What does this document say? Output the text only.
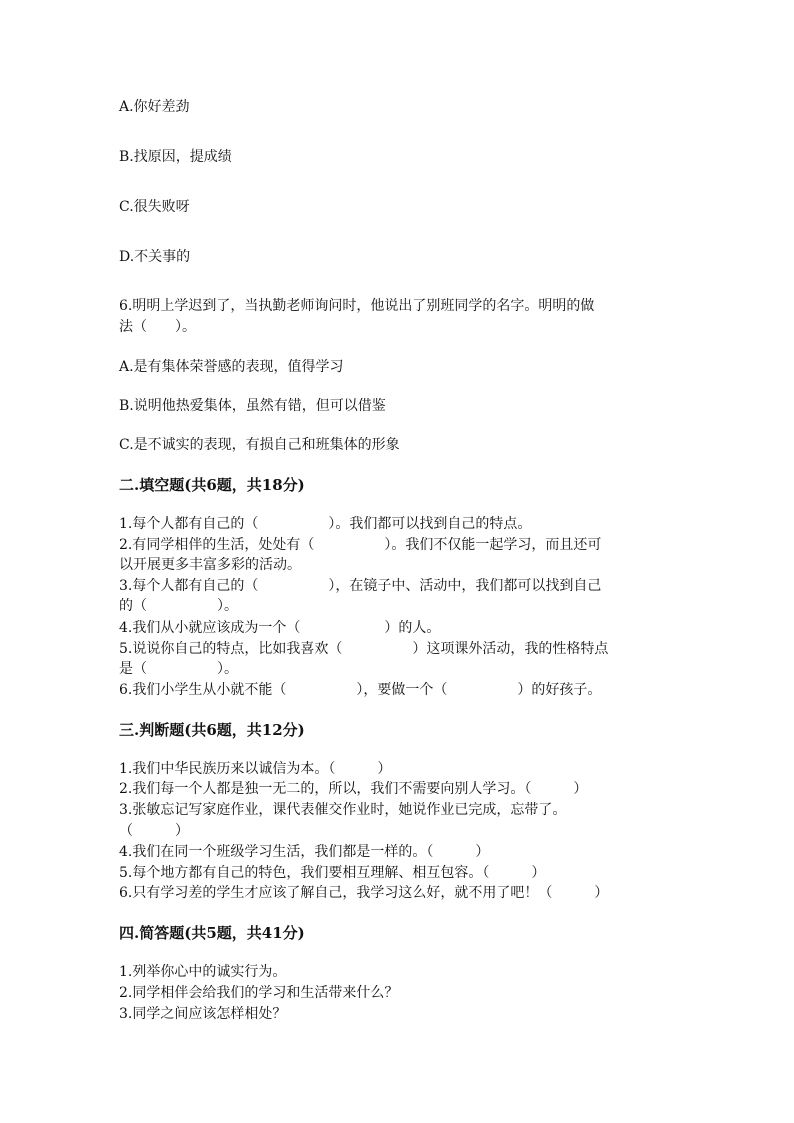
A.你好差劲
B.找原因，提成绩
C.很失败呀
D.不关事的
6.明明上学迟到了，当执勤老师询问时，他说出了别班同学的名字。明明的做
法（　　）。
A.是有集体荣誉感的表现，值得学习
B.说明他热爱集体，虽然有错，但可以借鉴
C.是不诚实的表现，有损自己和班集体的形象
二.填空题(共6题，共18分)
1.每个人都有自己的（　　　　　）。我们都可以找到自己的特点。
2.有同学相伴的生活，处处有（　　　　　）。我们不仅能一起学习，而且还可
以开展更多丰富多彩的活动。
3.每个人都有自己的（　　　　　），在镜子中、活动中，我们都可以找到自己
的（　　　　　）。
4.我们从小就应该成为一个（　　　　　　）的人。
5.说说你自己的特点，比如我喜欢（　　　　　）这项课外活动，我的性格特点
是（　　　　　）。
6.我们小学生从小就不能（　　　　　），要做一个（　　　　　）的好孩子。
三.判断题(共6题，共12分)
1.我们中华民族历来以诚信为本。（　　　）
2.我们每一个人都是独一无二的，所以，我们不需要向别人学习。（　　　）
3.张敏忘记写家庭作业，课代表催交作业时，她说作业已完成，忘带了。
（　　　）
4.我们在同一个班级学习生活，我们都是一样的。（　　　）
5.每个地方都有自己的特色，我们要相互理解、相互包容。（　　　）
6.只有学习差的学生才应该了解自己，我学习这么好，就不用了吧！（　　　）
四.简答题(共5题，共41分)
1.列举你心中的诚实行为。
2.同学相伴会给我们的学习和生活带来什么？
3.同学之间应该怎样相处？
